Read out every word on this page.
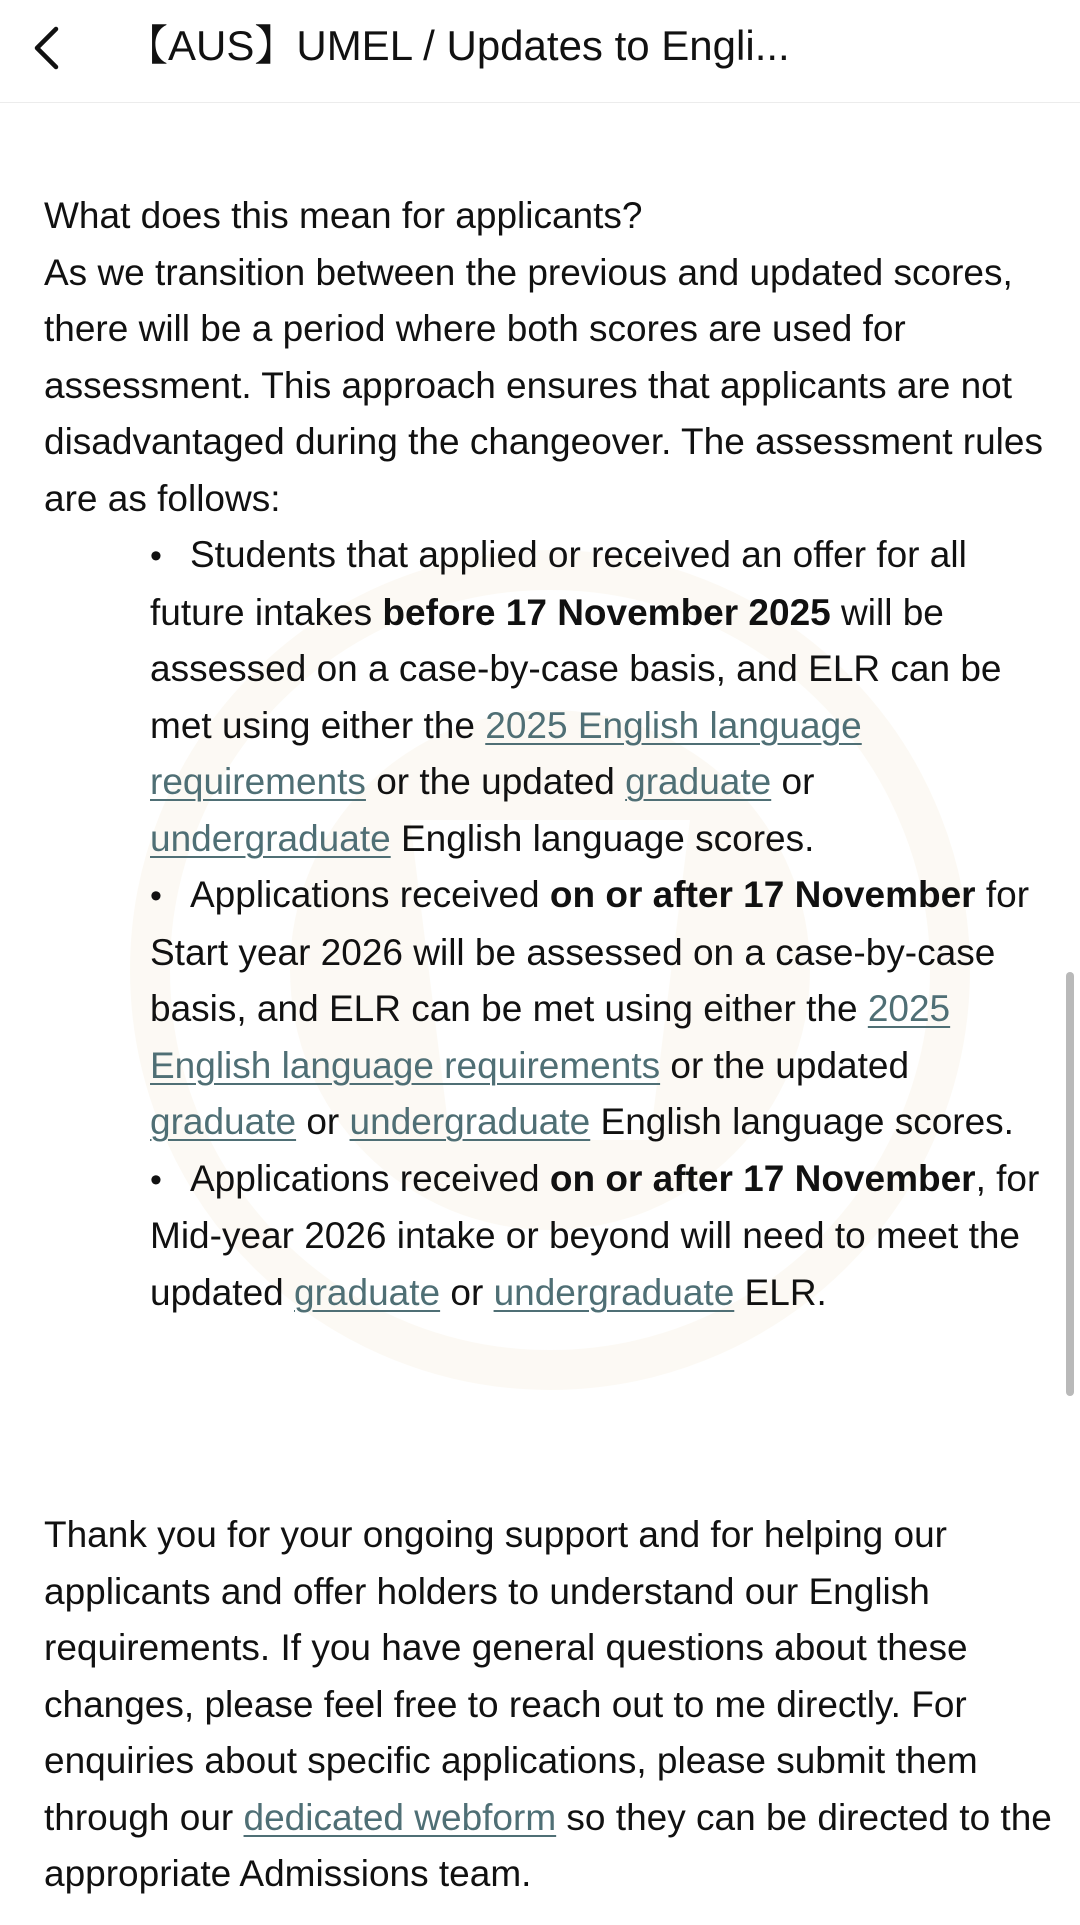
What does this mean for applicants?
As we transition between the previous and updated scores, there will be a period where both scores are used for assessment. This approach ensures that applicants are not disadvantaged during the changeover. The assessment rules are as follows:
• Students that applied or received an offer for all future intakes before 17 November 2025 will be assessed on a case-by-case basis, and ELR can be met using either the 2025 English language requirements or the updated graduate or undergraduate English language scores.
• Applications received on or after 17 November for Start year 2026 will be assessed on a case-by-case basis, and ELR can be met using either the 2025 English language requirements or the updated graduate or undergraduate English language scores.
• Applications received on or after 17 November, for Mid-year 2026 intake or beyond will need to meet the updated graduate or undergraduate ELR.
Thank you for your ongoing support and for helping our applicants and offer holders to understand our English requirements. If you have general questions about these changes, please feel free to reach out to me directly. For enquiries about specific applications, please submit them through our dedicated webform so they can be directed to the appropriate Admissions team.
【AUS】UMEL / Updates to Engli...
